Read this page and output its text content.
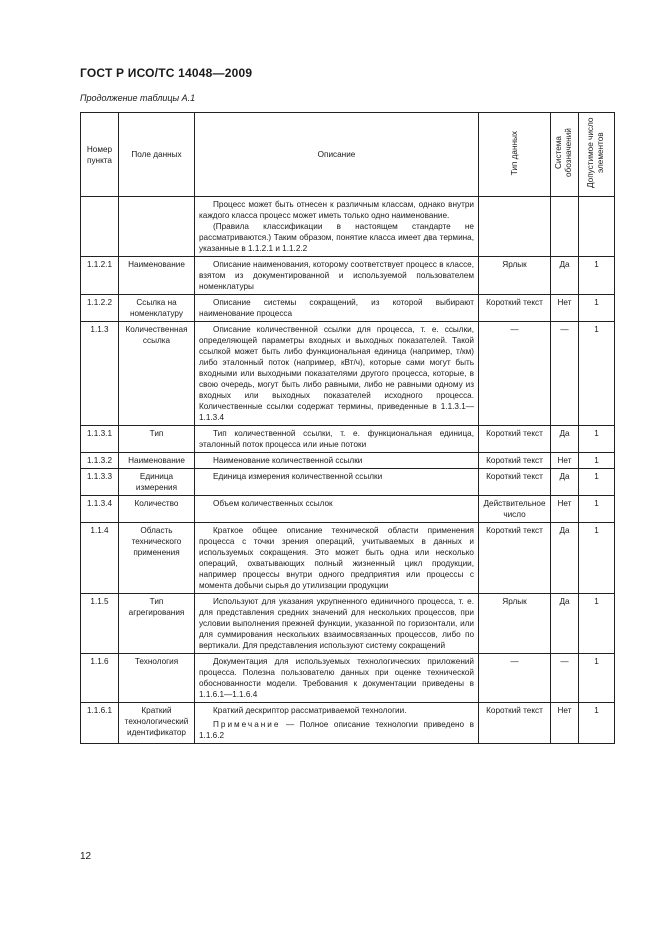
ГОСТ Р ИСО/ТС 14048—2009
Продолжение таблицы А.1
Номер пункта	Поле данных	Описание	Тип данных	Система обозначений	Допустимое число элементов

		Процесс может быть отнесен к различным классам, однако внутри каждого класса процесс может иметь только одно наименование.

(Правила классификации в настоящем стандарте не рассматриваются.) Таким образом, понятие класса имеет два термина, указанные в 1.1.2.1 и 1.1.2.2			

1.1.2.1	Наименование	Описание наименования, которому соответствует процесс в классе, взятом из документированной и используемой пользователем номенклатуры	Ярлык	Да	1
1.1.2.2	Ссылка на номенклатуру	Описание системы сокращений, из которой выбирают наименование процесса	Короткий текст	Нет	1
1.1.3	Количественная ссылка	Описание количественной ссылки для процесса, т. е. ссылки, определяющей параметры входных и выходных показателей. Такой ссылкой может быть либо функциональная единица (например, т/км) либо эталонный поток (например, кВт/ч), которые сами могут быть входными или выходными показателями другого процесса, которые, в свою очередь, могут быть либо равными, либо не равными одному из входных или выходных показателей исходного процесса. Количественные ссылки содержат термины, приведенные в 1.1.3.1—1.1.3.4	—	—	1
1.1.3.1	Тип	Тип количественной ссылки, т. е. функциональная единица, эталонный поток процесса или иные потоки	Короткий текст	Да	1
1.1.3.2	Наименование	Наименование количественной ссылки	Короткий текст	Нет	1
1.1.3.3	Единица измерения	Единица измерения количественной ссылки	Короткий текст	Да	1
1.1.3.4	Количество	Объем количественных ссылок	Действительное число	Нет	1
1.1.4	Область технического применения	Краткое общее описание технической области применения процесса с точки зрения операций, учитываемых в данных и используемых сокращения. Это может быть одна или несколько операций, охватывающих полный жизненный цикл продукции, например процессы внутри одного предприятия или процессы с момента добычи сырья до утилизации продукции	Короткий текст	Да	1
1.1.5	Тип агрегирования	Используют для указания укрупненного единичного процесса, т. е. для представления средних значений для нескольких процессов, при условии выполнения прежней функции, указанной по горизонтали, или для суммирования нескольких взаимосвязанных процессов, либо по вертикали. Для представления используют систему сокращений	Ярлык	Да	1
1.1.6	Технология	Документация для используемых технологических приложений процесса. Полезна пользователю данных при оценке технической обоснованности модели. Требования к документации приведены в 1.1.6.1—1.1.6.4	—	—	1
1.1.6.1	Краткий технологический идентификатор	Краткий дескриптор рассматриваемой технологии.

Примечание — Полное описание технологии приведено в 1.1.6.2	Короткий текст	Нет	1
12
